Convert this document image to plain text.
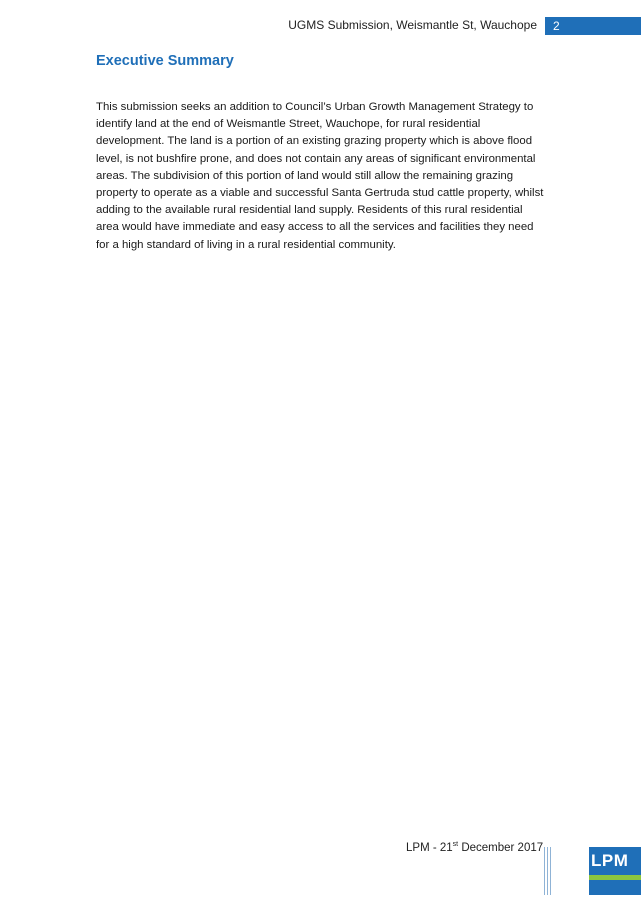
UGMS Submission, Weismantle St, Wauchope	2
Executive Summary

This submission seeks an addition to Council’s Urban Growth Management Strategy to identify land at the end of Weismantle Street, Wauchope, for rural residential development. The land is a portion of an existing grazing property which is above flood level, is not bushfire prone, and does not contain any areas of significant environmental areas. The subdivision of this portion of land would still allow the remaining grazing property to operate as a viable and successful Santa Gertruda stud cattle property, whilst adding to the available rural residential land supply. Residents of this rural residential area would have immediate and easy access to all the services and facilities they need for a high standard of living in a rural residential community.

LPM - 21st December 2017
LPM
